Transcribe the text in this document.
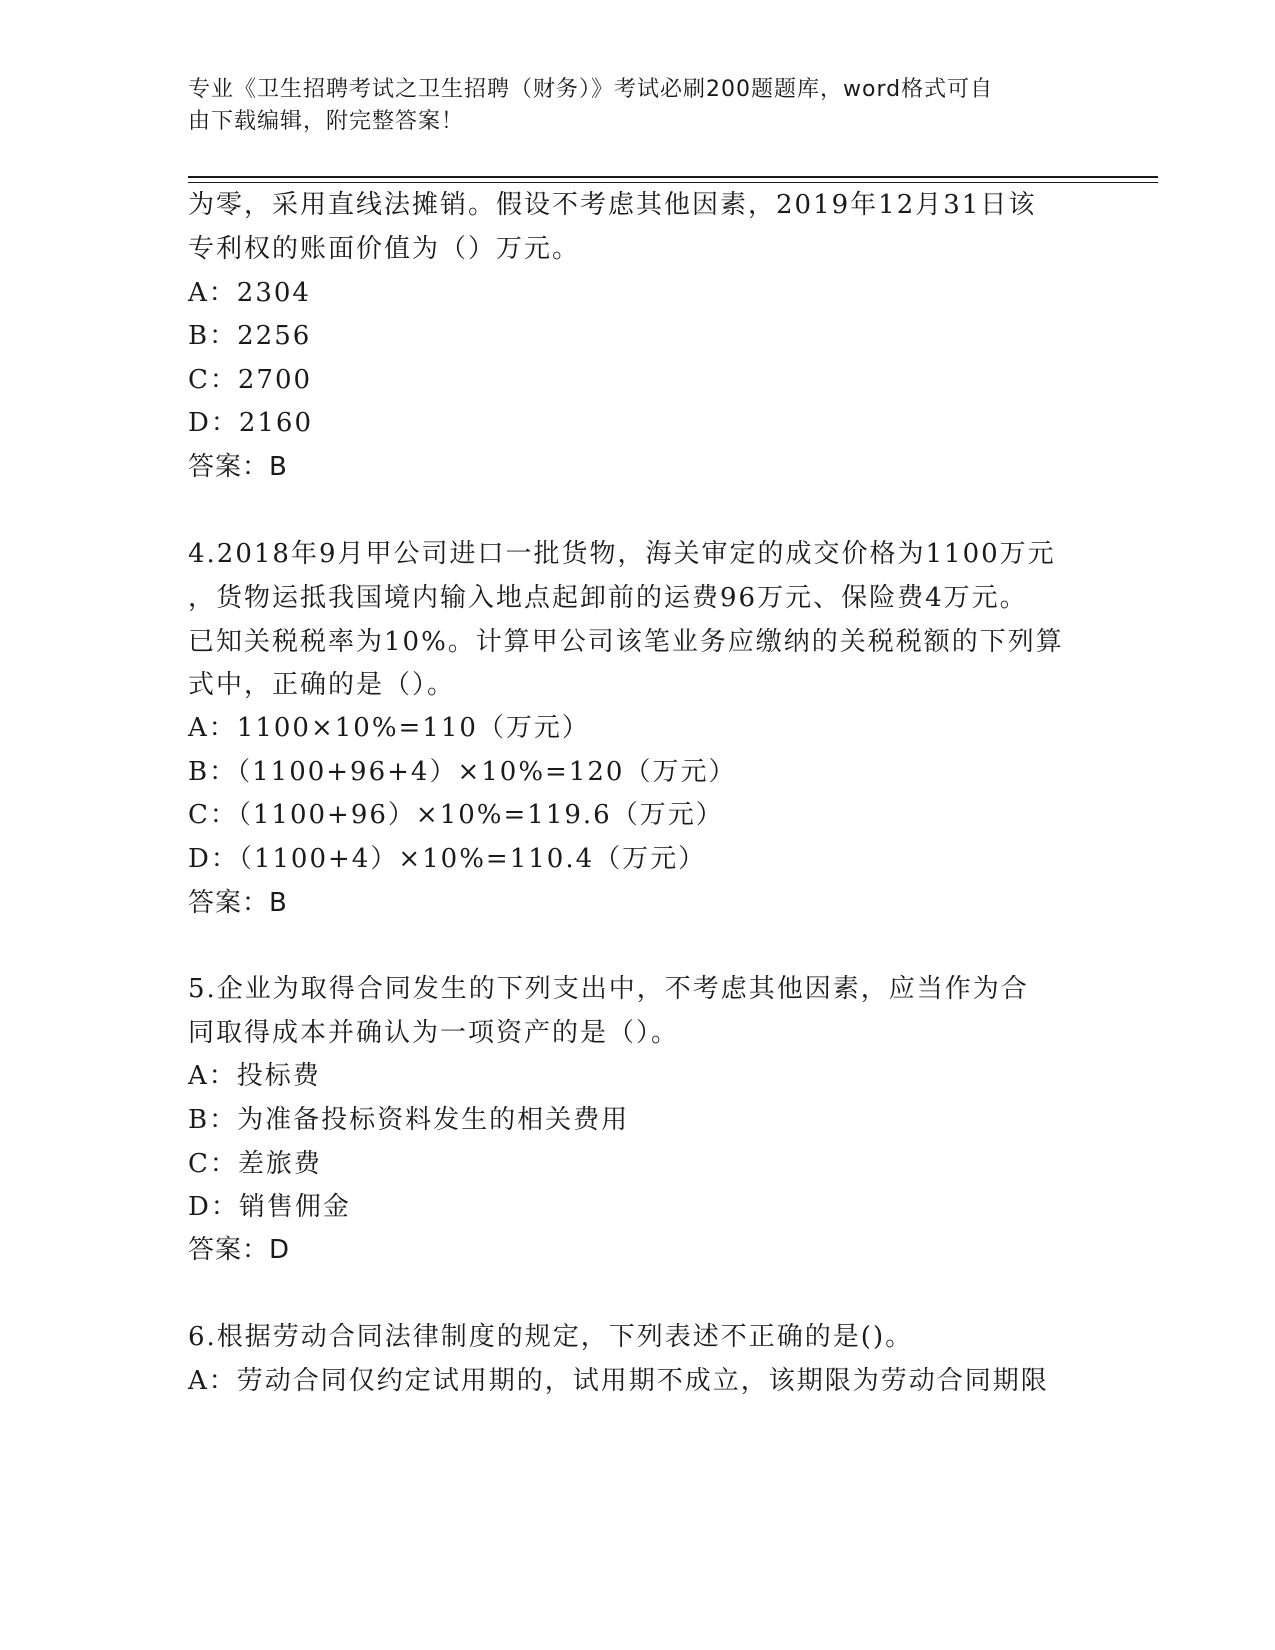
专业《卫生招聘考试之卫生招聘（财务）》考试必刷200题题库，word格式可自
由下载编辑，附完整答案！
为零，采用直线法摊销。假设不考虑其他因素，2019年12月31日该
专利权的账面价值为（）万元。
A：2304
B：2256
C：2700
D：2160
答案：B
4.2018年9月甲公司进口一批货物，海关审定的成交价格为1100万元
，货物运抵我国境内输入地点起卸前的运费96万元、保险费4万元。
已知关税税率为10%。计算甲公司该笔业务应缴纳的关税税额的下列算
式中，正确的是（）。
A：1100×10%=110（万元）
B：（1100+96+4）×10%=120（万元）
C：（1100+96）×10%=119.6（万元）
D：（1100+4）×10%=110.4（万元）
答案：B
5.企业为取得合同发生的下列支出中，不考虑其他因素，应当作为合
同取得成本并确认为一项资产的是（）。
A：投标费
B：为准备投标资料发生的相关费用
C：差旅费
D：销售佣金
答案：D
6.根据劳动合同法律制度的规定，下列表述不正确的是()。
A：劳动合同仅约定试用期的，试用期不成立，该期限为劳动合同期限
